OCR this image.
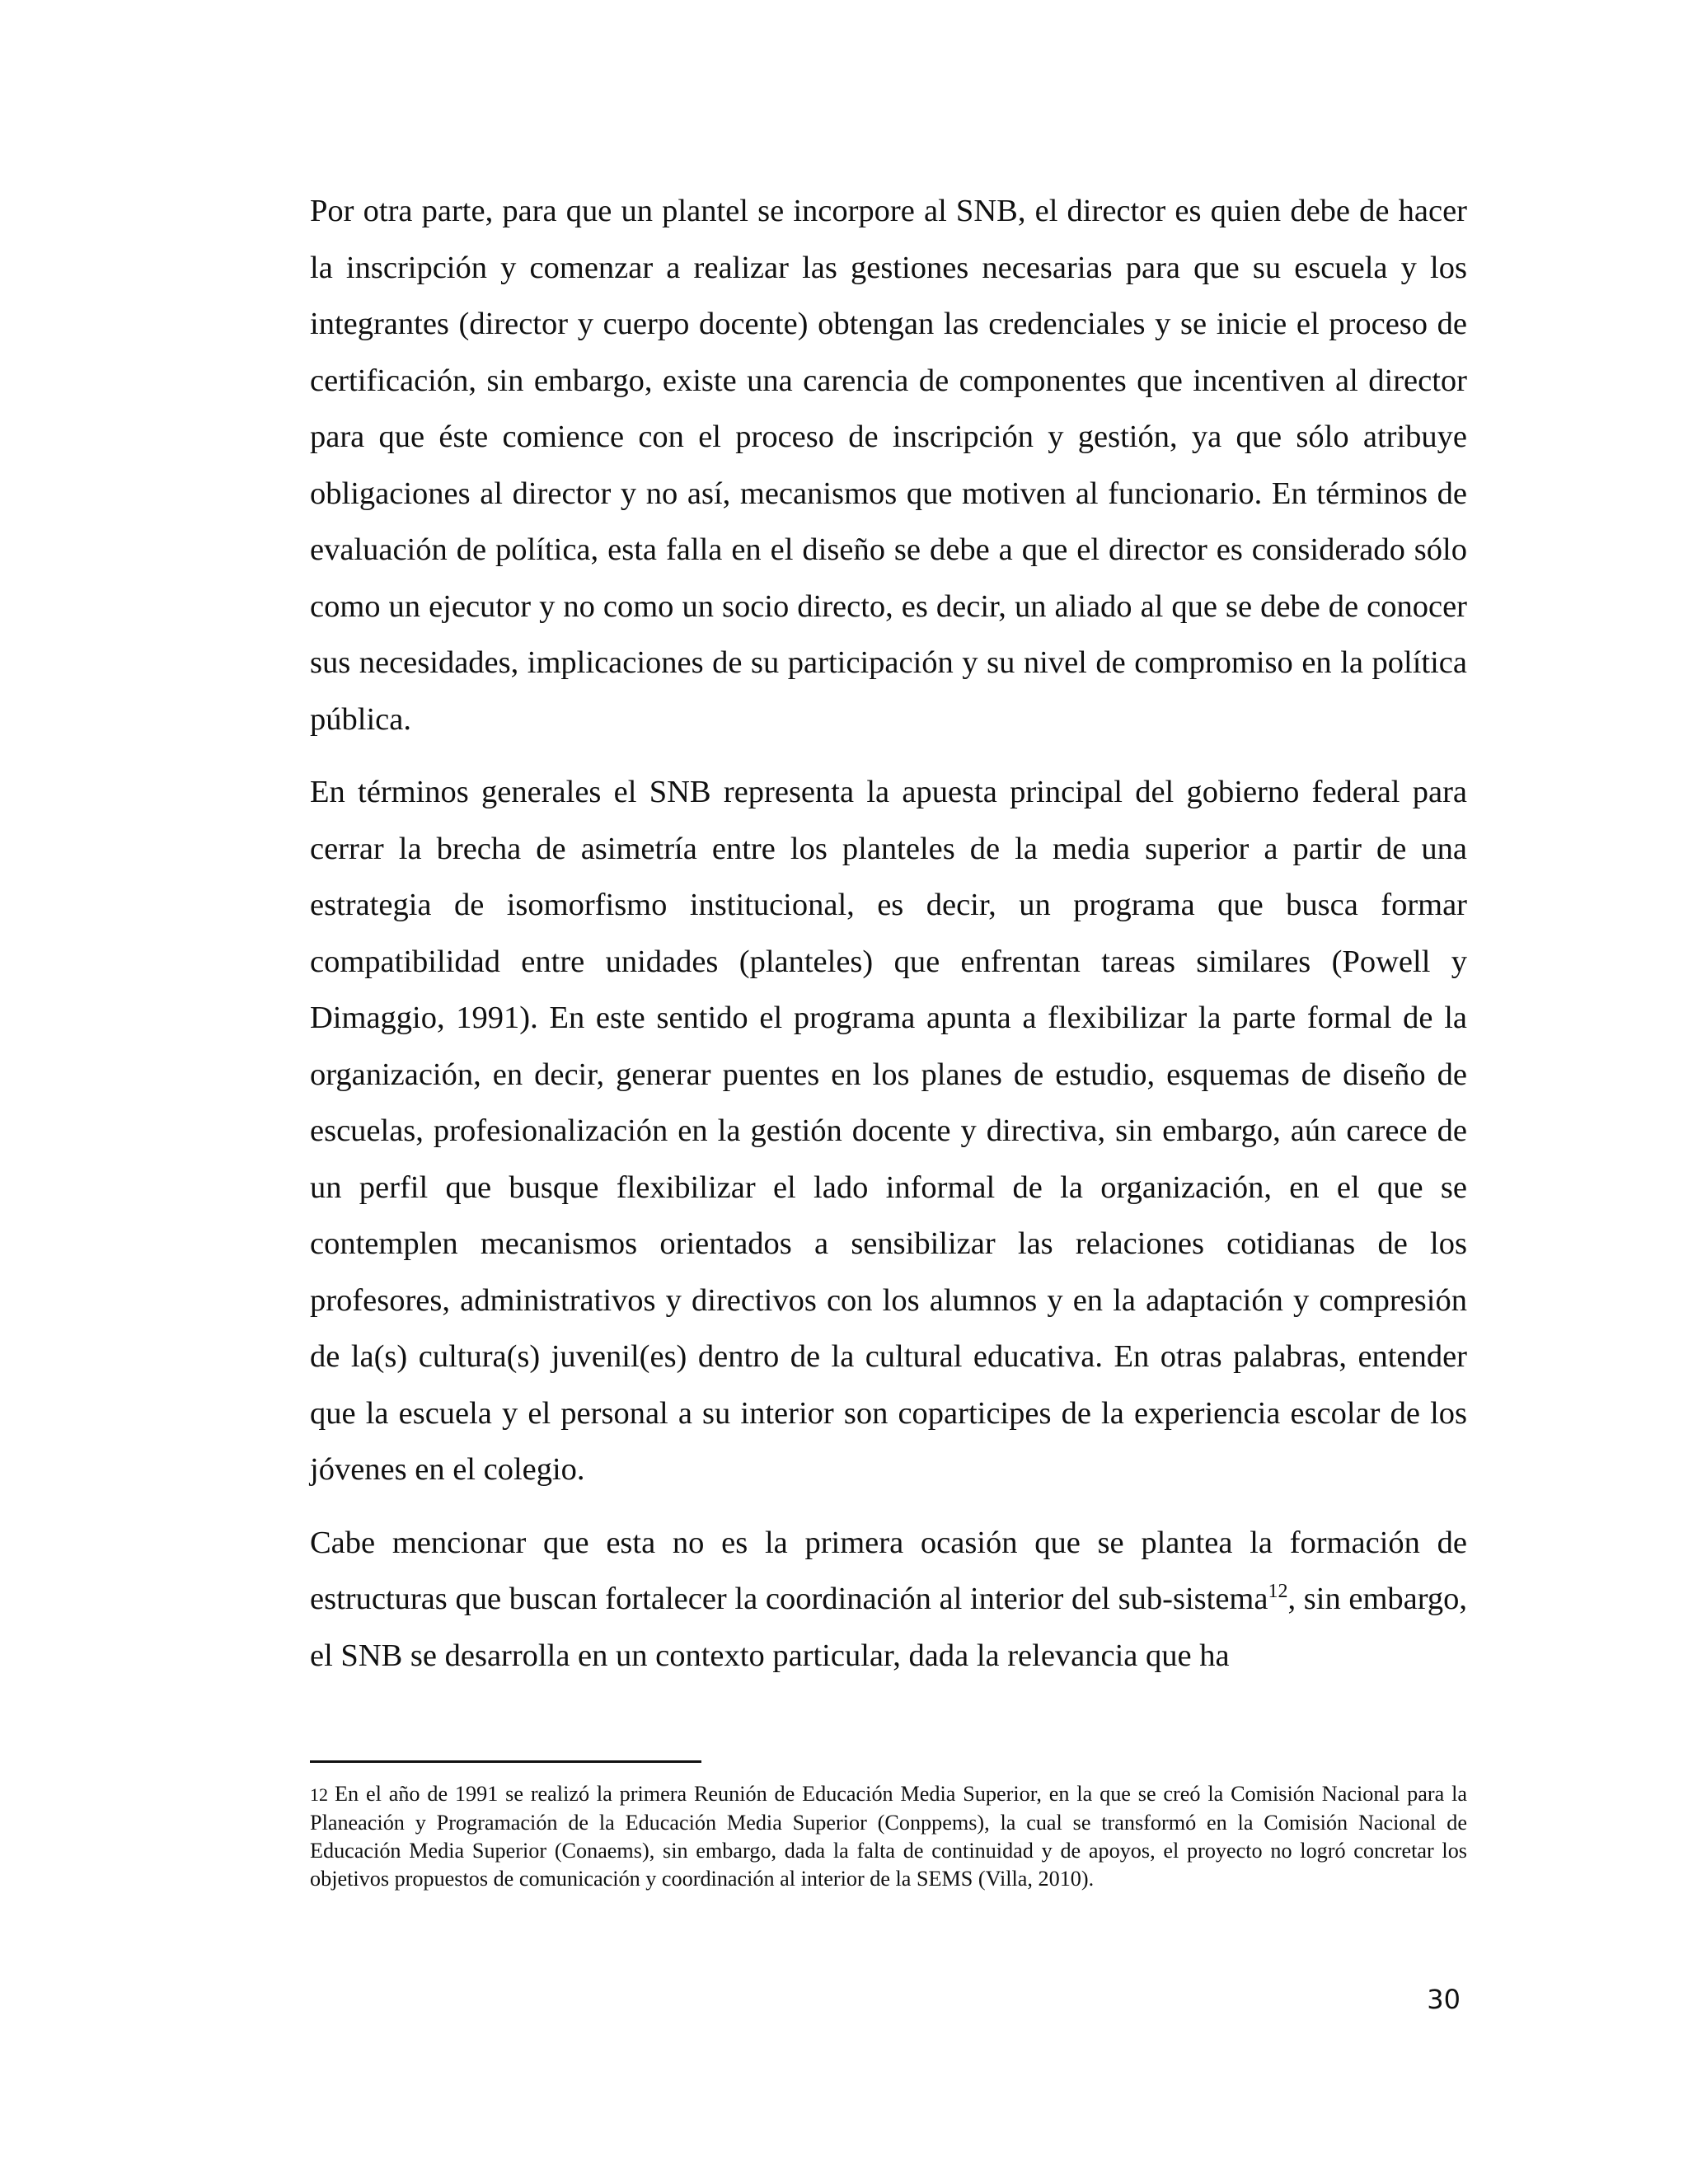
Por otra parte, para que un plantel se incorpore al SNB, el director es quien debe de hacer la inscripción y comenzar a realizar las gestiones necesarias para que su escuela y los integrantes (director y cuerpo docente) obtengan las credenciales y se inicie el proceso de certificación, sin embargo, existe una carencia de componentes que incentiven al director para que éste comience con el proceso de inscripción y gestión, ya que sólo atribuye obligaciones al director y no así, mecanismos que motiven al funcionario. En términos de evaluación de política, esta falla en el diseño se debe a que el director es considerado sólo como un ejecutor y no como un socio directo, es decir, un aliado al que se debe de conocer sus necesidades, implicaciones de su participación y su nivel de compromiso en la política pública.

En términos generales el SNB representa la apuesta principal del gobierno federal para cerrar la brecha de asimetría entre los planteles de la media superior a partir de una estrategia de isomorfismo institucional, es decir, un programa que busca formar compatibilidad entre unidades (planteles) que enfrentan tareas similares (Powell y Dimaggio, 1991). En este sentido el programa apunta a flexibilizar la parte formal de la organización, en decir, generar puentes en los planes de estudio, esquemas de diseño de escuelas, profesionalización en la gestión docente y directiva, sin embargo, aún carece de un perfil que busque flexibilizar el lado informal de la organización, en el que se contemplen mecanismos orientados a sensibilizar las relaciones cotidianas de los profesores, administrativos y directivos con los alumnos y en la adaptación y compresión de la(s) cultura(s) juvenil(es) dentro de la cultural educativa. En otras palabras, entender que la escuela y el personal a su interior son coparticipes de la experiencia escolar de los jóvenes en el colegio.

Cabe mencionar que esta no es la primera ocasión que se plantea la formación de estructuras que buscan fortalecer la coordinación al interior del sub-sistema$^{12}$, sin embargo, el SNB se desarrolla en un contexto particular, dada la relevancia que ha

12 En el año de 1991 se realizó la primera Reunión de Educación Media Superior, en la que se creó la Comisión Nacional para la Planeación y Programación de la Educación Media Superior (Conppems), la cual se transformó en la Comisión Nacional de Educación Media Superior (Conaems), sin embargo, dada la falta de continuidad y de apoyos, el proyecto no logró concretar los objetivos propuestos de comunicación y coordinación al interior de la SEMS (Villa, 2010).

30
